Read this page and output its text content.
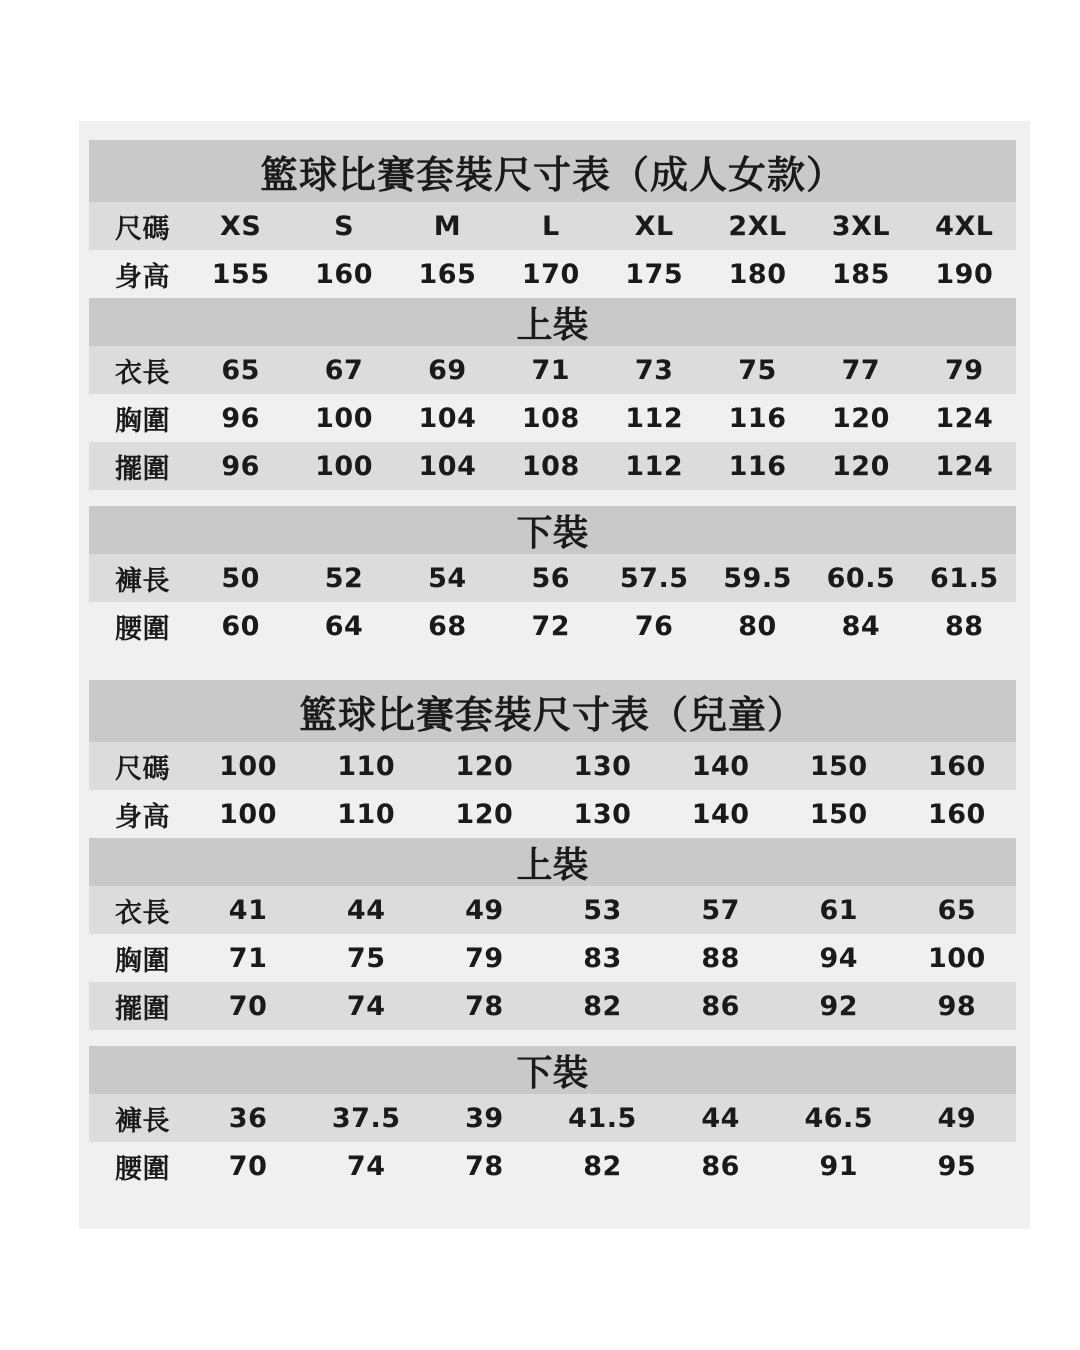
籃球比賽套裝尺寸表（成人女款）
尺碼	XS	S	M	L	XL	2XL	3XL	4XL
身高	155	160	165	170	175	180	185	190
上裝
衣長	65	67	69	71	73	75	77	79
胸圍	96	100	104	108	112	116	120	124
擺圍	96	100	104	108	112	116	120	124
下裝
褲長	50	52	54	56	57.5	59.5	60.5	61.5
腰圍	60	64	68	72	76	80	84	88
籃球比賽套裝尺寸表（兒童）
尺碼	100	110	120	130	140	150	160
身高	100	110	120	130	140	150	160
上裝
衣長	41	44	49	53	57	61	65
胸圍	71	75	79	83	88	94	100
擺圍	70	74	78	82	86	92	98
下裝
褲長	36	37.5	39	41.5	44	46.5	49
腰圍	70	74	78	82	86	91	95
